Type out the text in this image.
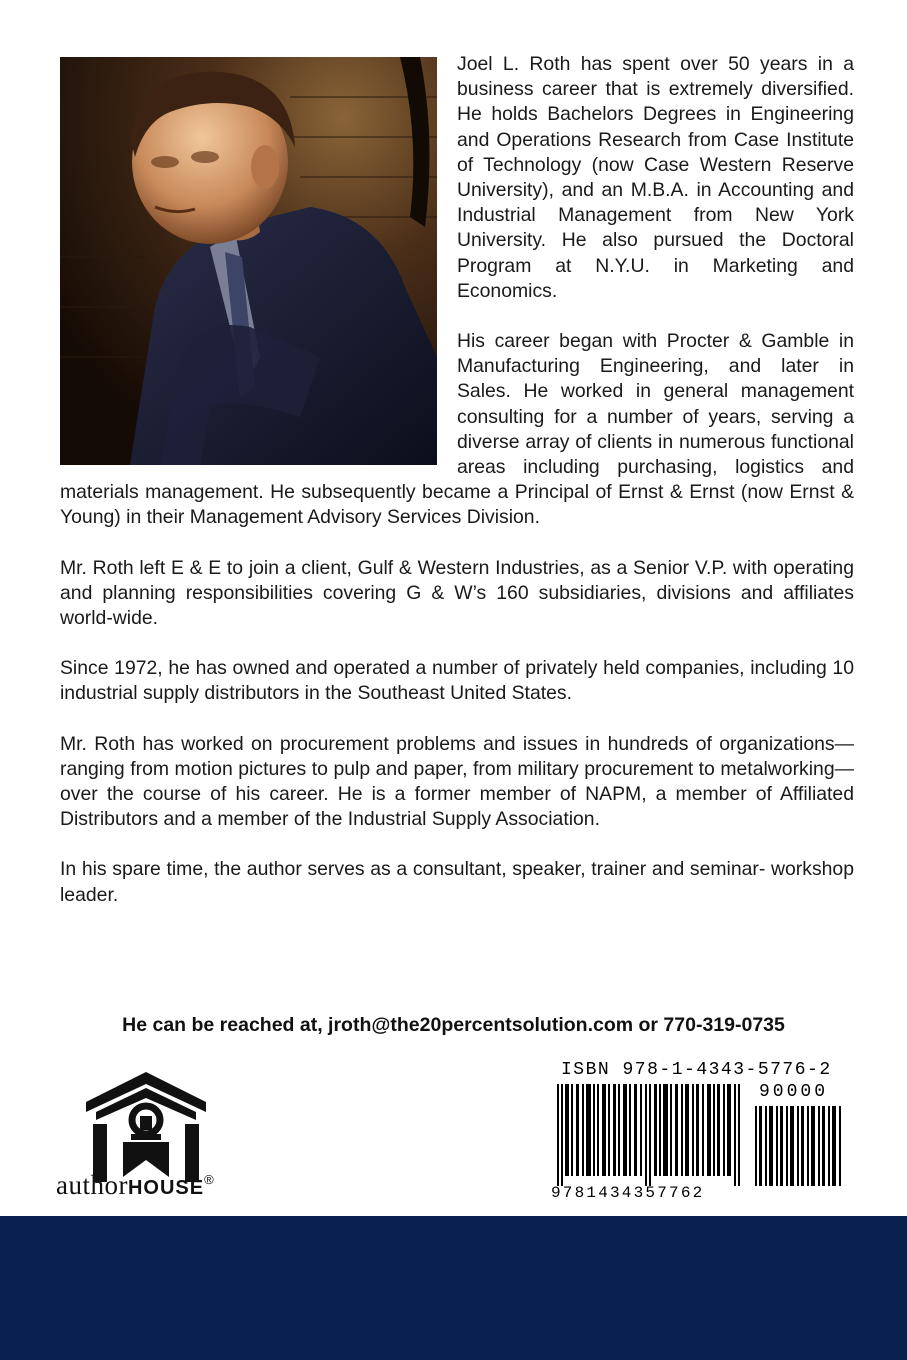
Joel L. Roth has spent over 50 years in a business career that is extremely diversified. He holds Bachelors Degrees in Engineering and Operations Research from Case Institute of Technology (now Case Western Reserve University), and an M.B.A. in Accounting and Industrial Management from New York University. He also pursued the Doctoral Program at N.Y.U. in Marketing and Economics.

His career began with Procter & Gamble in Manufacturing Engineering, and later in Sales. He worked in general management consulting for a number of years, serving a diverse array of clients in numerous functional areas including purchasing, logistics and materials management. He subsequently became a Principal of Ernst & Ernst (now Ernst & Young) in their Management Advisory Services Division.

Mr. Roth left E & E to join a client, Gulf & Western Industries, as a Senior V.P. with operating and planning responsibilities covering G & W’s 160 subsidiaries, divisions and affiliates world-wide.

Since 1972, he has owned and operated a number of privately held companies, including 10 industrial supply distributors in the Southeast United States.

Mr. Roth has worked on procurement problems and issues in hundreds of organizations—ranging from motion pictures to pulp and paper, from military procurement to metalworking—over the course of his career. He is a former member of NAPM, a member of Affiliated Distributors and a member of the Industrial Supply Association.

In his spare time, the author serves as a consultant, speaker, trainer and seminar- workshop leader.

He can be reached at, jroth@the20percentsolution.com or 770-319-0735
authorHOUSE®
ISBN 978-1-4343-5776-2
90000
9781434357762
